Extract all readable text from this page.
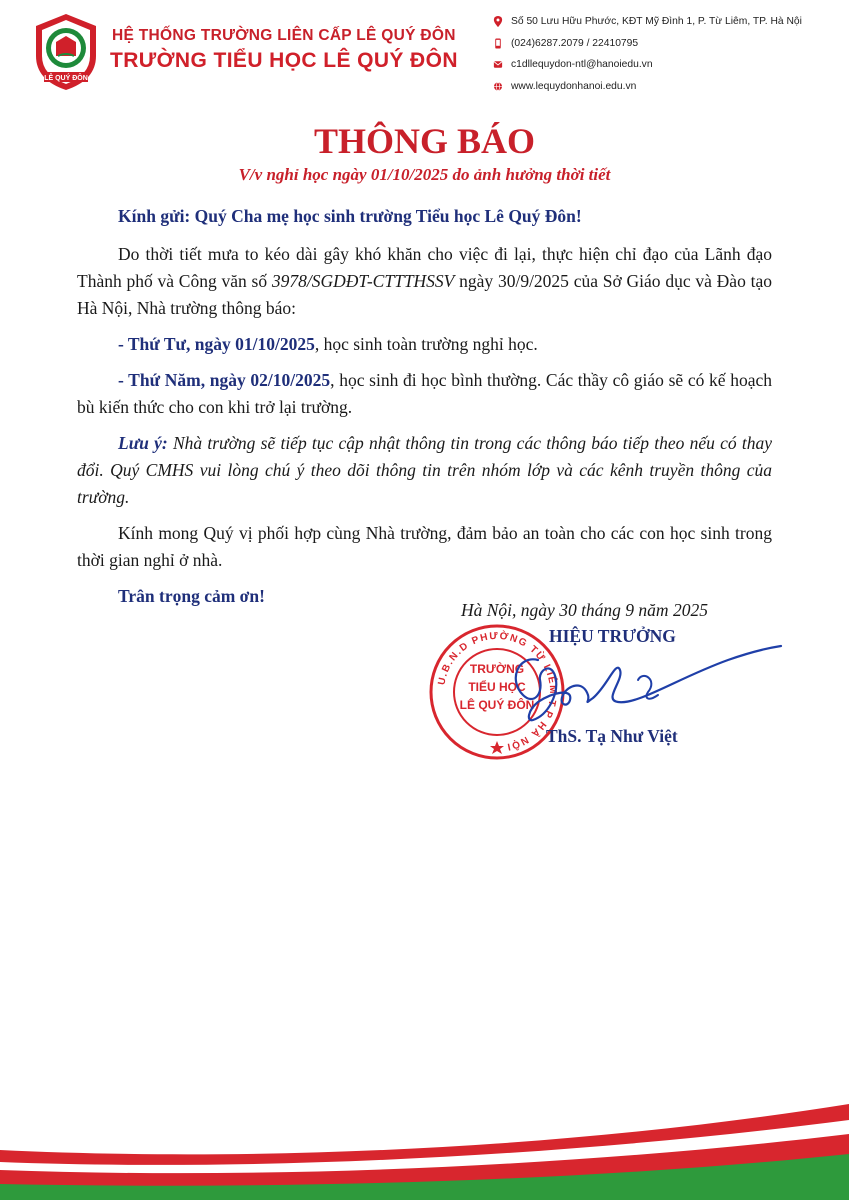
LÊ QUÝ ĐÔN
HỆ THỐNG TRƯỜNG LIÊN CẤP LÊ QUÝ ĐÔN
TRƯỜNG TIỂU HỌC LÊ QUÝ ĐÔN
Số 50 Lưu Hữu Phước, KĐT Mỹ Đình 1, P. Từ Liêm, TP. Hà Nội
(024)6287.2079 / 22410795
c1dllequydon-ntl@hanoiedu.vn
www.lequydonhanoi.edu.vn
THÔNG BÁO
V/v nghỉ học ngày 01/10/2025 do ảnh hưởng thời tiết

Kính gửi: Quý Cha mẹ học sinh trường Tiểu học Lê Quý Đôn!

Do thời tiết mưa to kéo dài gây khó khăn cho việc đi lại, thực hiện chỉ đạo của Lãnh đạo Thành phố và Công văn số 3978/SGDĐT-CTTTHSSV ngày 30/9/2025 của Sở Giáo dục và Đào tạo Hà Nội, Nhà trường thông báo:

- Thứ Tư, ngày 01/10/2025, học sinh toàn trường nghỉ học.

- Thứ Năm, ngày 02/10/2025, học sinh đi học bình thường. Các thầy cô giáo sẽ có kế hoạch bù kiến thức cho con khi trở lại trường.

Lưu ý: Nhà trường sẽ tiếp tục cập nhật thông tin trong các thông báo tiếp theo nếu có thay đổi. Quý CMHS vui lòng chú ý theo dõi thông tin trên nhóm lớp và các kênh truyền thông của trường.

Kính mong Quý vị phối hợp cùng Nhà trường, đảm bảo an toàn cho các con học sinh trong thời gian nghỉ ở nhà.

Trân trọng cảm ơn!

Hà Nội, ngày 30 tháng 9 năm 2025
U.B.N.D PHƯỜNG TỪ LIÊM T.P HÀ NỘI
TRƯỜNG
TIỂU HỌC
LÊ QUÝ ĐÔN
HIỆU TRƯỞNG
ThS. Tạ Như Việt
